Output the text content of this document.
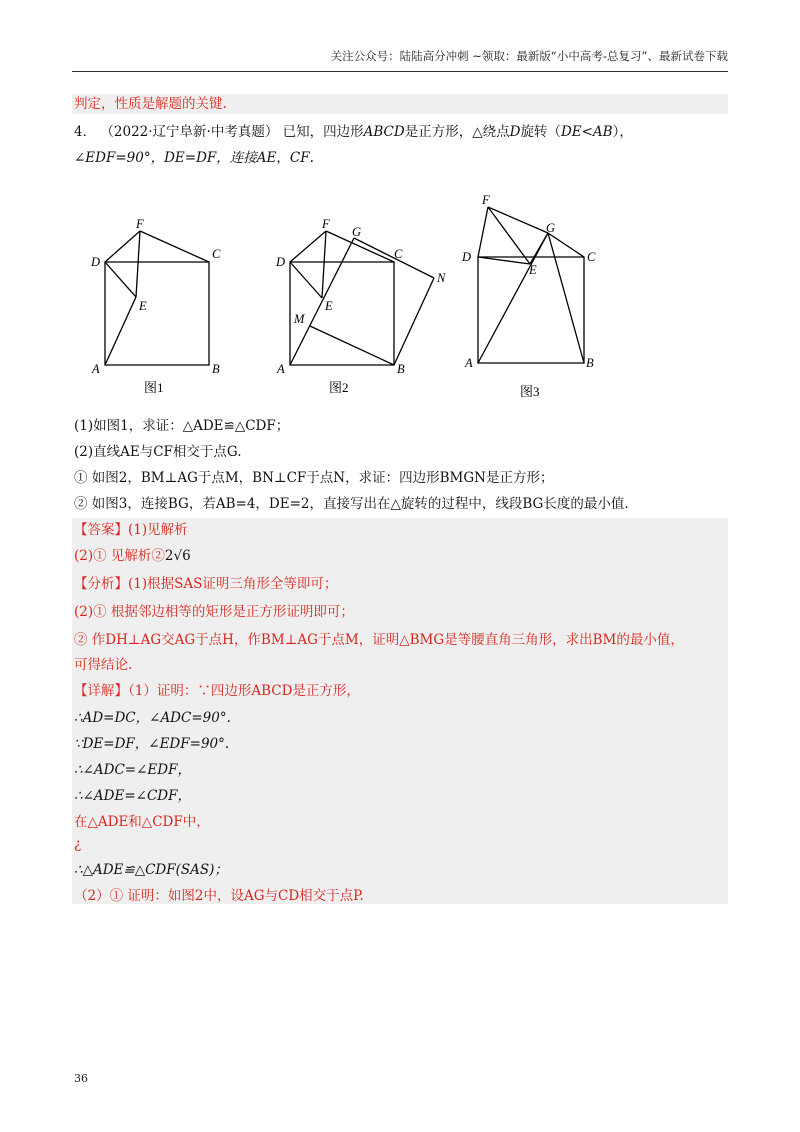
关注公众号：陆陆高分冲刺 ~领取：最新版“小中高考-总复习”、最新试卷下载
判定，性质是解题的关键.
4． （2022·辽宁阜新·中考真题） 已知，四边形ABCD是正方形，△绕点D旋转（DE<AB），
∠EDF=90°，DE=DF，连接AE，CF.
F
D
C
E
A	B
F
G
D
C
N
E
M
A	B
F
G
D	C
E
A	B
图1	图2	图3
(1)如图1，求证：△ADE≌△CDF；
(2)直线AE与CF相交于点G.
① 如图2，BM⊥AG于点M，BN⊥CF于点N，求证：四边形BMGN是正方形；
② 如图3，连接BG，若AB=4，DE=2，直接写出在△旋转的过程中，线段BG长度的最小值.
【答案】(1)见解析
(2)① 见解析②2√6
【分析】(1)根据SAS证明三角形全等即可；
(2)① 根据邻边相等的矩形是正方形证明即可；
② 作DH⊥AG交AG于点H，作BM⊥AG于点M，证明△BMG是等腰直角三角形，求出BM的最小值，
可得结论.
【详解】（1）证明：∵四边形ABCD是正方形，
∴AD=DC，∠ADC=90°.
∵DE=DF，∠EDF=90°.
∴∠ADC=∠EDF，
∴∠ADE=∠CDF，
在△ADE和△CDF中，
¿
∴△ADE≌△CDF(SAS)；
（2）① 证明：如图2中，设AG与CD相交于点P.
36
